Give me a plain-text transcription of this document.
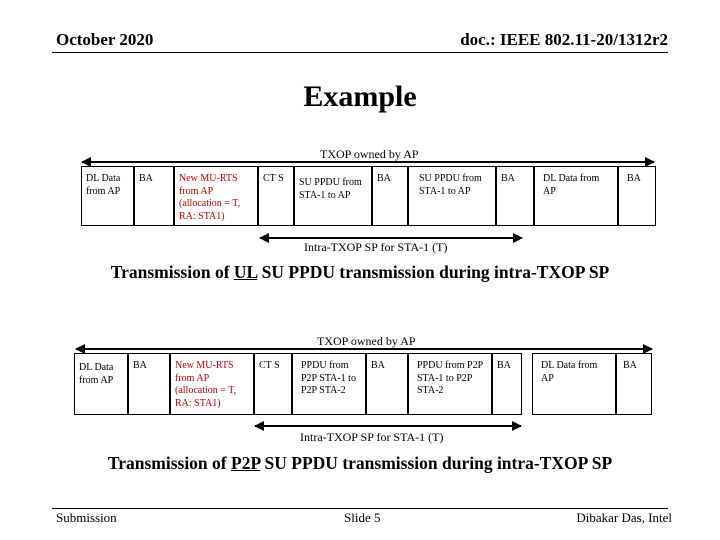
October 2020	doc.: IEEE 802.11-20/1312r2
Example
TXOP owned by AP
DL Data from AP
BA	New MU-RTS from AP (allocation = T, RA: STA1)
CT S	SU PPDU from STA-1 to AP
BA	SU PPDU from STA-1 to AP
BA	DL Data from AP
BA
Intra-TXOP SP for STA-1 (T)
Transmission of UL SU PPDU transmission during intra-TXOP SP
TXOP owned by AP
DL Data from AP
BA	New MU-RTS from AP (allocation = T, RA: STA1)
CT S	PPDU from P2P STA-1 to P2P STA-2
BA	PPDU from P2P STA-1 to P2P STA-2
BA	DL Data from AP
BA
Intra-TXOP SP for STA-1 (T)
Transmission of P2P SU PPDU transmission during intra-TXOP SP
Submission	Slide 5	Dibakar Das, Intel
